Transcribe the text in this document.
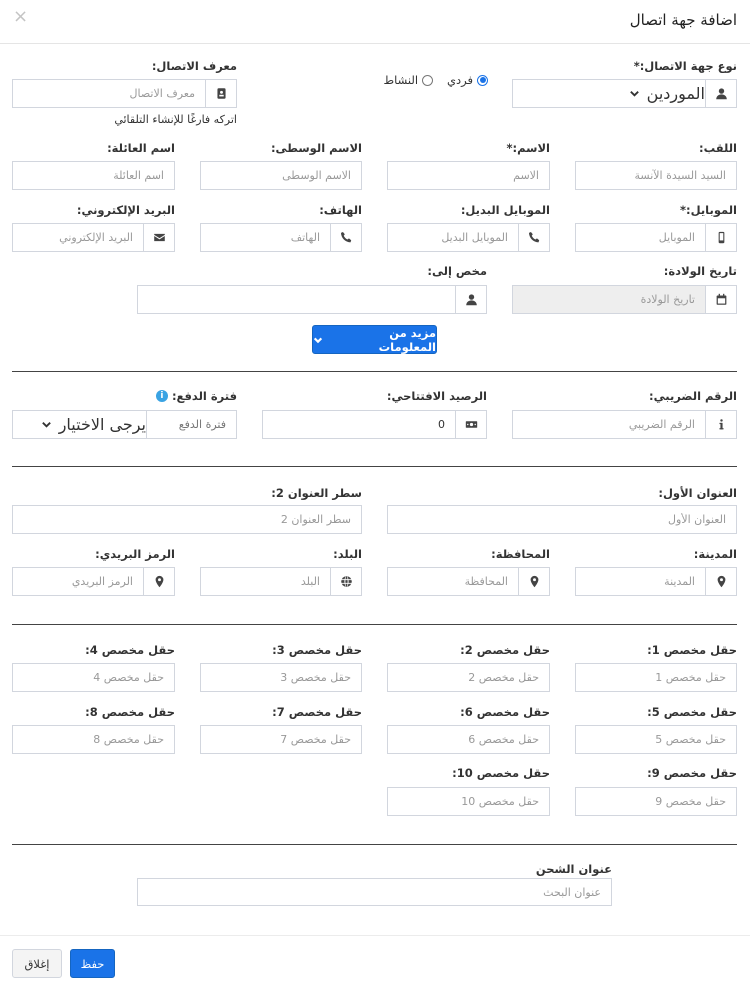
اضافة جهة اتصال
×
نوع جهة الاتصال:*
الموردين
فردي
النشاط
معرف الاتصال:
معرف الاتصال
اتركه فارغًا للإنشاء التلقائي
اللقب:
السيد السيدة الآنسة
الاسم:*
الاسم
الاسم الوسطى:
الاسم الوسطى
اسم العائلة:
اسم العائلة
الموبايل:*
الموبايل
الموبايل البديل:
الموبايل البديل
الهاتف:
الهاتف
البريد الإلكتروني:
البريد الإلكتروني
تاريخ الولادة:
تاريخ الولادة
مخص إلى:
مزيد من المعلومات
الرقم الضريبي:
الرقم الضريبي
الرصيد الافتتاحي:
0
فترة الدفع:
i
فترة الدفع
يرجى الاختيار
العنوان الأول:
العنوان الأول
سطر العنوان 2:
سطر العنوان 2
المدينة:
المدينة
المحافظة:
المحافظة
البلد:
البلد
الرمز البريدي:
الرمز البريدي
حقل مخصص 1:
حقل مخصص 1
حقل مخصص 2:
حقل مخصص 2
حقل مخصص 3:
حقل مخصص 3
حقل مخصص 4:
حقل مخصص 4
حقل مخصص 5:
حقل مخصص 5
حقل مخصص 6:
حقل مخصص 6
حقل مخصص 7:
حقل مخصص 7
حقل مخصص 8:
حقل مخصص 8
حقل مخصص 9:
حقل مخصص 9
حقل مخصص 10:
حقل مخصص 10
عنوان الشحن
عنوان البحث
حفظ
إغلاق
